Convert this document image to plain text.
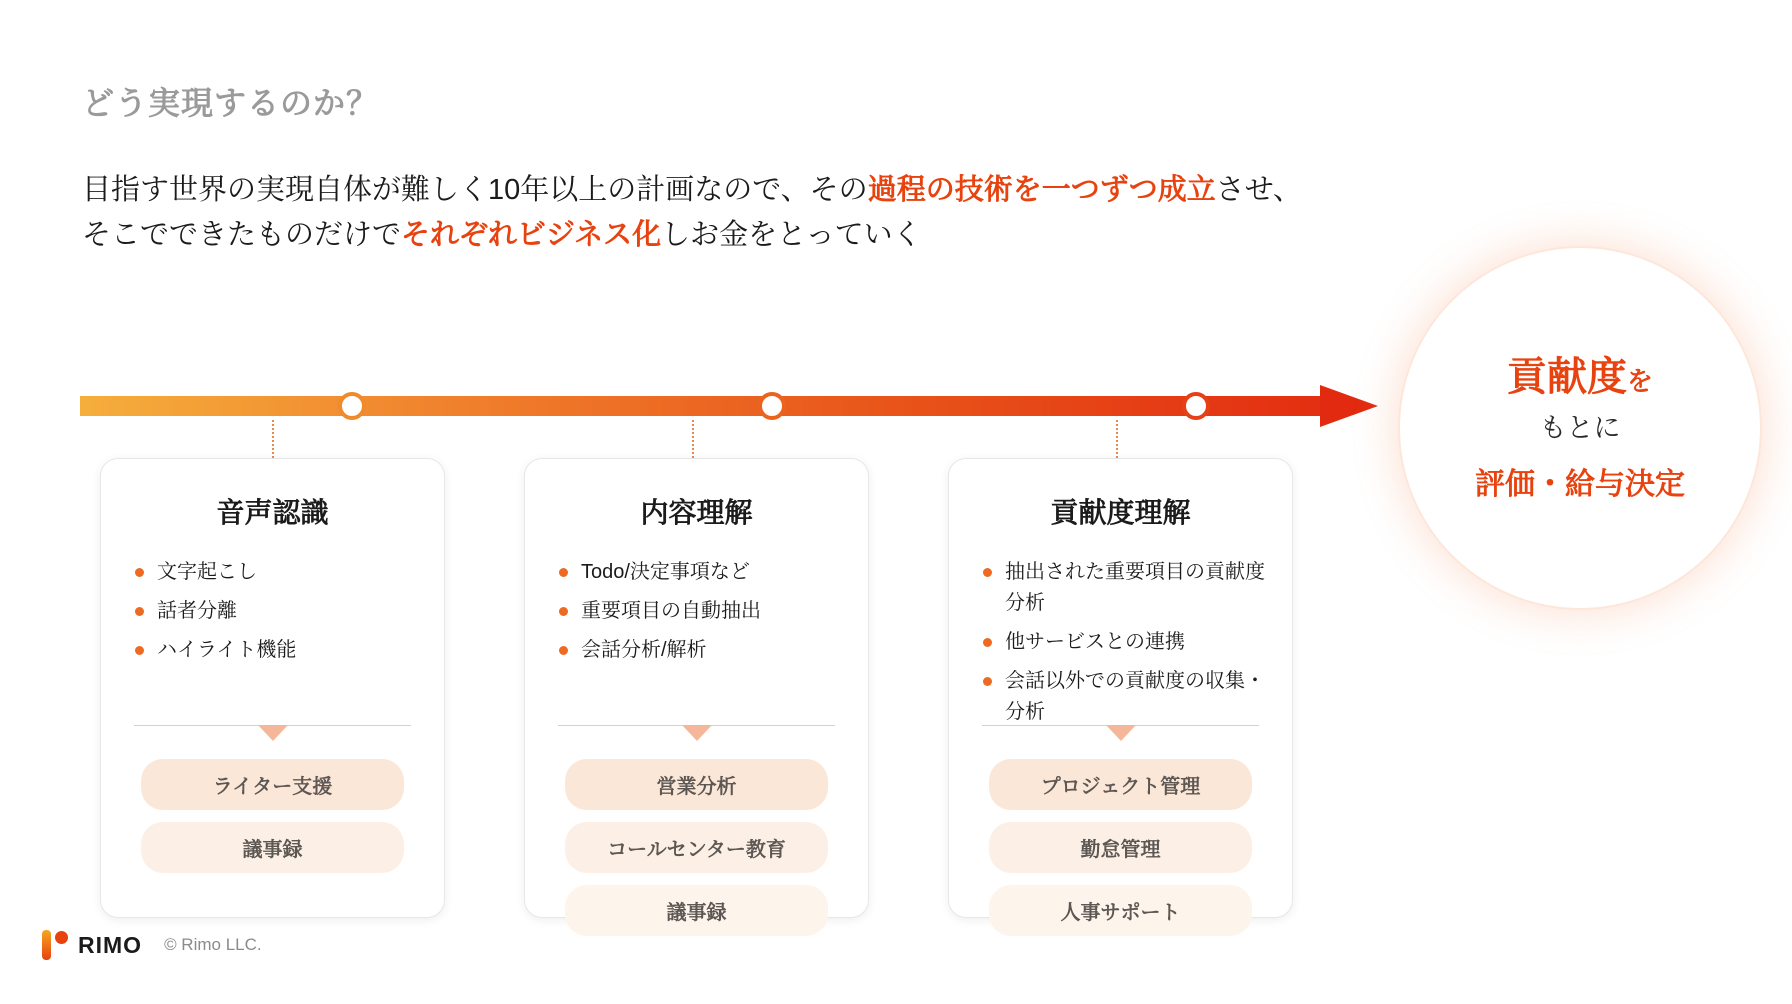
どう実現するのか？
目指す世界の実現自体が難しく10年以上の計画なので、その過程の技術を一つずつ成立させ、
そこでできたものだけでそれぞれビジネス化しお金をとっていく
音声認識
文字起こし
話者分離
ハイライト機能
ライター支援
議事録
内容理解
Todo/決定事項など
重要項目の自動抽出
会話分析/解析
営業分析
コールセンター教育
議事録
貢献度理解
抽出された重要項目の貢献度分析
他サービスとの連携
会話以外での貢献度の収集・分析
プロジェクト管理
勤怠管理
人事サポート
貢献度を
もとに
評価・給与決定
RIMO © Rimo LLC.
